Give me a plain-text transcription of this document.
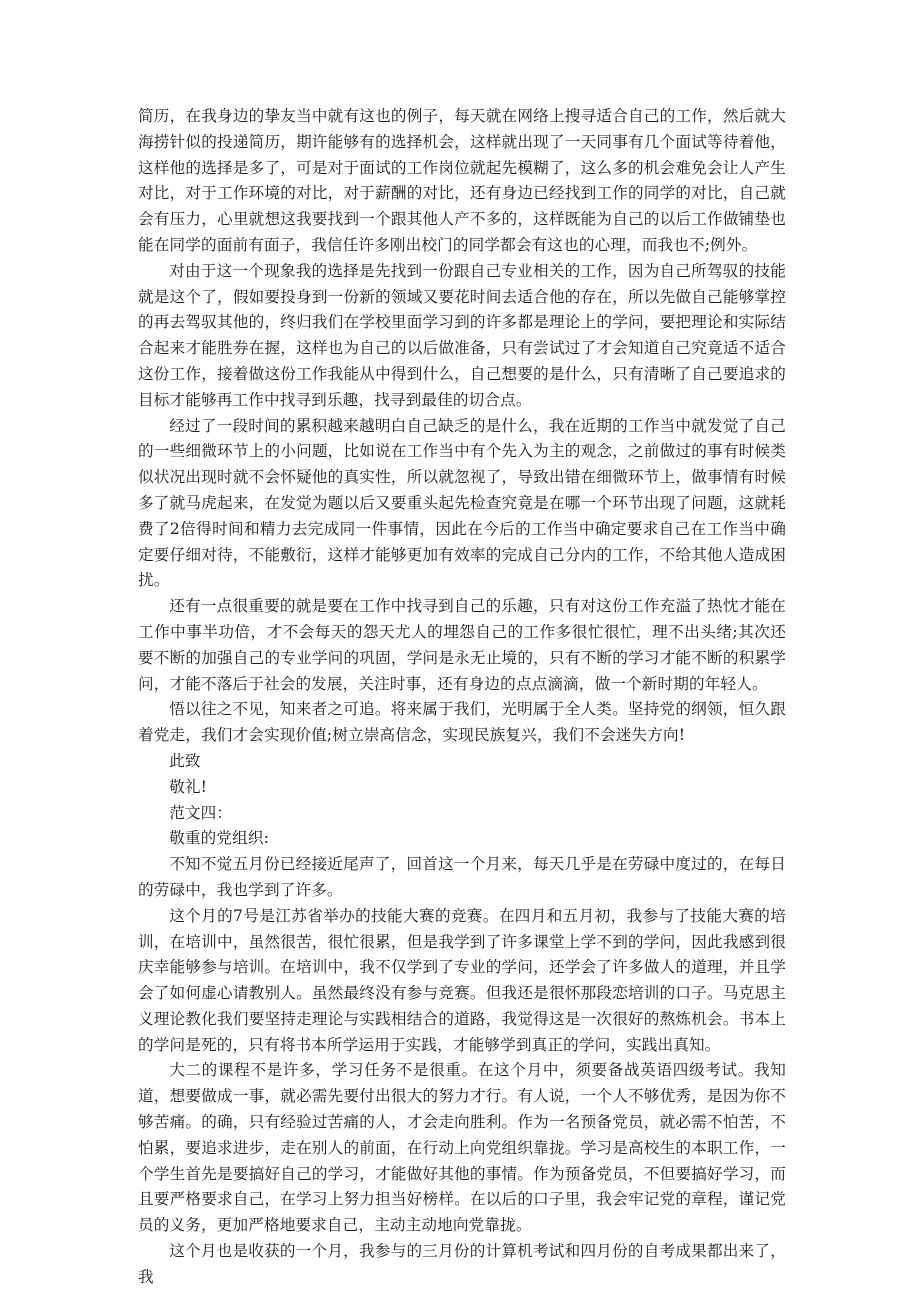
简历，在我身边的挚友当中就有这也的例子，每天就在网络上搜寻适合自己的工作，然后就大海捞针似的投递简历，期许能够有的选择机会，这样就出现了一天同事有几个面试等待着他，这样他的选择是多了，可是对于面试的工作岗位就起先模糊了，这么多的机会难免会让人产生对比，对于工作环境的对比，对于薪酬的对比，还有身边已经找到工作的同学的对比，自己就会有压力，心里就想这我要找到一个跟其他人产不多的，这样既能为自己的以后工作做铺垫也能在同学的面前有面子，我信任许多刚出校门的同学都会有这也的心理，而我也不;例外。

对由于这一个现象我的选择是先找到一份跟自己专业相关的工作，因为自己所驾驭的技能就是这个了，假如要投身到一份新的领域又要花时间去适合他的存在，所以先做自己能够掌控的再去驾驭其他的，终归我们在学校里面学习到的许多都是理论上的学问，要把理论和实际结合起来才能胜券在握，这样也为自己的以后做准备，只有尝试过了才会知道自己究竟适不适合这份工作，接着做这份工作我能从中得到什么，自己想要的是什么，只有清晰了自己要追求的目标才能够再工作中找寻到乐趣，找寻到最佳的切合点。

经过了一段时间的累积越来越明白自己缺乏的是什么，我在近期的工作当中就发觉了自己的一些细微环节上的小问题，比如说在工作当中有个先入为主的观念，之前做过的事有时候类似状况出现时就不会怀疑他的真实性，所以就忽视了，导致出错在细微环节上，做事情有时候多了就马虎起来，在发觉为题以后又要重头起先检查究竟是在哪一个环节出现了问题，这就耗费了2倍得时间和精力去完成同一件事情，因此在今后的工作当中确定要求自己在工作当中确定要仔细对待，不能敷衍，这样才能够更加有效率的完成自己分内的工作，不给其他人造成困扰。

还有一点很重要的就是要在工作中找寻到自己的乐趣，只有对这份工作充溢了热忱才能在工作中事半功倍，才不会每天的怨天尤人的埋怨自己的工作多很忙很忙，理不出头绪;其次还要不断的加强自己的专业学问的巩固，学问是永无止境的，只有不断的学习才能不断的积累学问，才能不落后于社会的发展，关注时事，还有身边的点点滴滴，做一个新时期的年轻人。

悟以往之不见，知来者之可追。将来属于我们，光明属于全人类。坚持党的纲领，恒久跟着党走，我们才会实现价值;树立崇高信念，实现民族复兴，我们不会迷失方向!

此致

敬礼!

范文四：

敬重的党组织:

不知不觉五月份已经接近尾声了，回首这一个月来，每天几乎是在劳碌中度过的，在每日的劳碌中，我也学到了许多。

这个月的7号是江苏省举办的技能大赛的竞赛。在四月和五月初，我参与了技能大赛的培训，在培训中，虽然很苦，很忙很累，但是我学到了许多课堂上学不到的学问，因此我感到很庆幸能够参与培训。在培训中，我不仅学到了专业的学问，还学会了许多做人的道理，并且学会了如何虚心请教别人。虽然最终没有参与竞赛。但我还是很怀那段恋培训的口子。马克思主义理论教化我们要坚持走理论与实践相结合的道路，我觉得这是一次很好的熬炼机会。书本上的学问是死的，只有将书本所学运用于实践，才能够学到真正的学问，实践出真知。

大二的课程不是许多，学习任务不是很重。在这个月中，须要备战英语四级考试。我知道，想要做成一事，就必需先要付出很大的努力才行。有人说，一个人不够优秀，是因为你不够苦痛。的确，只有经验过苦痛的人，才会走向胜利。作为一名预备党员，就必需不怕苦，不怕累，要追求进步，走在别人的前面，在行动上向党组织靠拢。学习是高校生的本职工作，一个学生首先是要搞好自己的学习，才能做好其他的事情。作为预备党员，不但要搞好学习，而且要严格要求自己，在学习上努力担当好榜样。在以后的口子里，我会牢记党的章程，谨记党员的义务，更加严格地要求自己，主动主动地向党靠拢。

这个月也是收获的一个月，我参与的三月份的计算机考试和四月份的自考成果都出来了，我
